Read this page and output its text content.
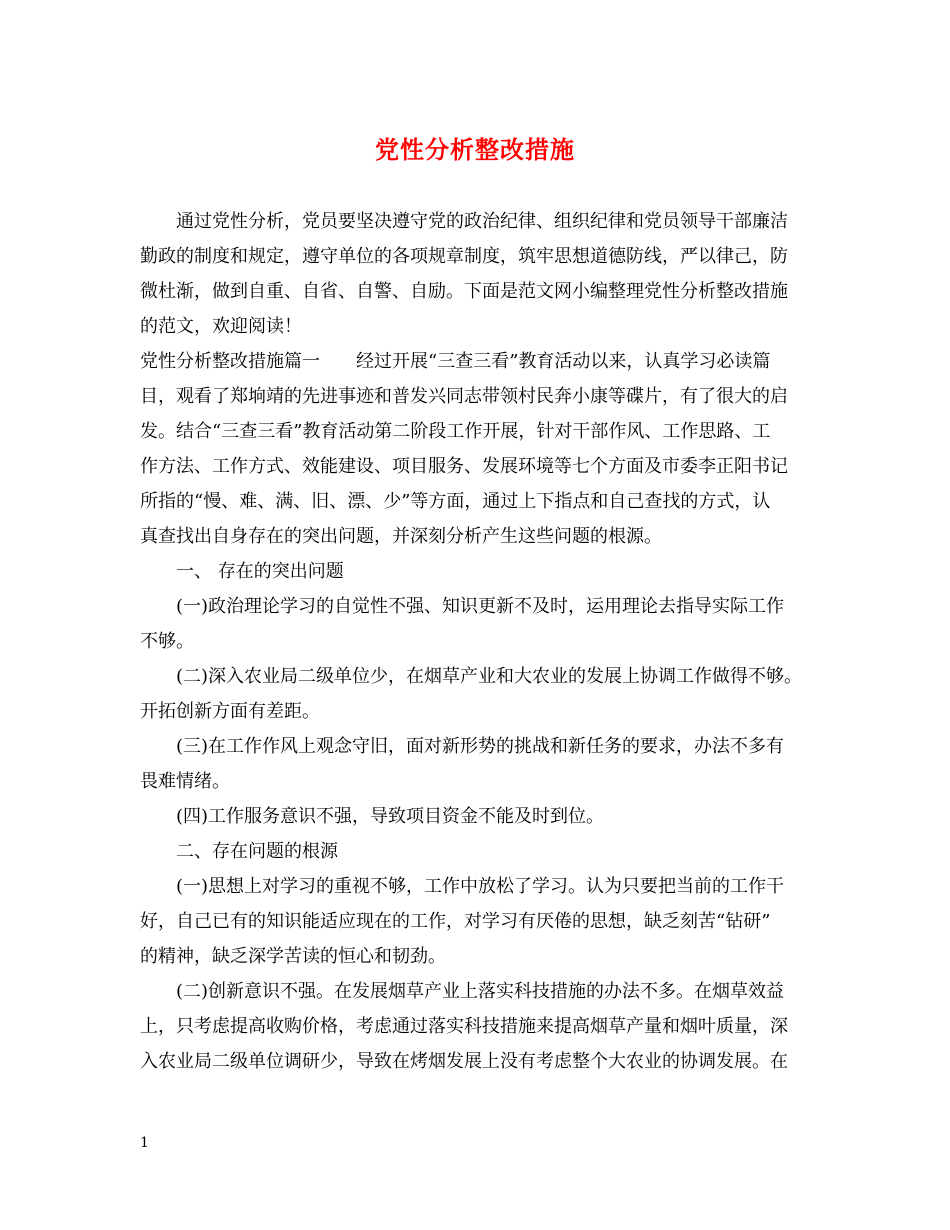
党性分析整改措施
通过党性分析，党员要坚决遵守党的政治纪律、组织纪律和党员领导干部廉洁
勤政的制度和规定，遵守单位的各项规章制度，筑牢思想道德防线，严以律己，防
微杜渐，做到自重、自省、自警、自励。下面是范文网小编整理党性分析整改措施
的范文，欢迎阅读！
党性分析整改措施篇一　　经过开展“三查三看”教育活动以来，认真学习必读篇
目，观看了郑垧靖的先进事迹和普发兴同志带领村民奔小康等碟片，有了很大的启
发。结合“三查三看”教育活动第二阶段工作开展，针对干部作风、工作思路、工
作方法、工作方式、效能建设、项目服务、发展环境等七个方面及市委李正阳书记
所指的“慢、难、满、旧、漂、少”等方面，通过上下指点和自己查找的方式，认
真查找出自身存在的突出问题，并深刻分析产生这些问题的根源。
一、 存在的突出问题
(一)政治理论学习的自觉性不强、知识更新不及时，运用理论去指导实际工作
不够。
(二)深入农业局二级单位少，在烟草产业和大农业的发展上协调工作做得不够。
开拓创新方面有差距。
(三)在工作作风上观念守旧，面对新形势的挑战和新任务的要求，办法不多有
畏难情绪。
(四)工作服务意识不强，导致项目资金不能及时到位。
二、存在问题的根源
(一)思想上对学习的重视不够，工作中放松了学习。认为只要把当前的工作干
好，自己已有的知识能适应现在的工作，对学习有厌倦的思想，缺乏刻苦“钻研”
的精神，缺乏深学苦读的恒心和韧劲。
(二)创新意识不强。在发展烟草产业上落实科技措施的办法不多。在烟草效益
上，只考虑提高收购价格，考虑通过落实科技措施来提高烟草产量和烟叶质量，深
入农业局二级单位调研少，导致在烤烟发展上没有考虑整个大农业的协调发展。在
1
